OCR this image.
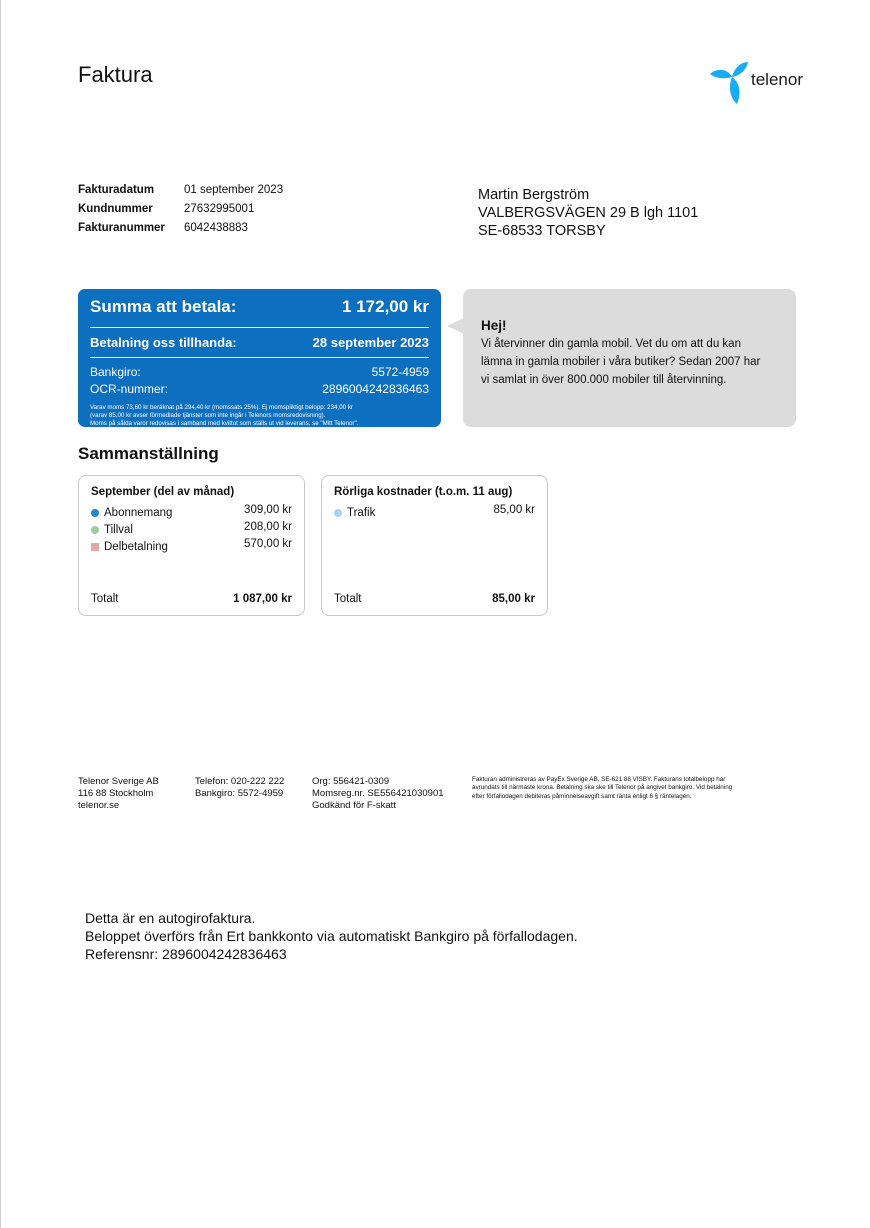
Faktura	telenor
Fakturadatum	01 september 2023
Kundnummer	27632995001
Fakturanummer 6042438883
Martin Bergström
VALBERGSVÄGEN 29 B lgh 1101
SE-68533 TORSBY
Summa att betala:	1 172,00 kr
Betalning oss tillhanda:	28 september 2023
Bankgiro:	5572-4959
OCR-nummer:	2896004242836463
Varav moms 73,60 kr beräknat på 294,40 kr (momssats 25%). Ej momspliktigt belopp: 234,00 kr
(varav 85,00 kr avser förmedlade tjänster som inte ingår i Telenors momsredovisning).
Moms på sålda varor redovisas i samband med kvittot som ställs ut vid leverans, se "Mitt Telenor".
Hej!
Vi återvinner din gamla mobil. Vet du om att du kan
lämna in gamla mobiler i våra butiker? Sedan 2007 har
vi samlat in över 800.000 mobiler till återvinning.
Sammanställning
September (del av månad)
Abonnemang	309,00 kr
Tillval	208,00 kr
Delbetalning	570,00 kr
Totalt	1 087,00 kr
Rörliga kostnader (t.o.m. 11 aug)
Trafik	85,00 kr
Totalt	85,00 kr
Telenor Sverige AB
116 88 Stockholm
telenor.se
Telefon: 020-222 222
Bankgiro: 5572-4959
Org: 556421-0309
Momsreg.nr. SE556421030901
Godkänd för F-skatt
Fakturan administreras av PayEx Sverige AB, SE-621 88 VISBY. Fakturans totalbelopp har
avrundats till närmaste krona. Betalning ska ske till Telenor på angivet bankgiro. Vid betalning
efter förfallodagen debiteras påminnelseavgift samt ränta enligt 6 § räntelagen.
Detta är en autogirofaktura.
Beloppet överförs från Ert bankkonto via automatiskt Bankgiro på förfallodagen.
Referensnr: 2896004242836463
